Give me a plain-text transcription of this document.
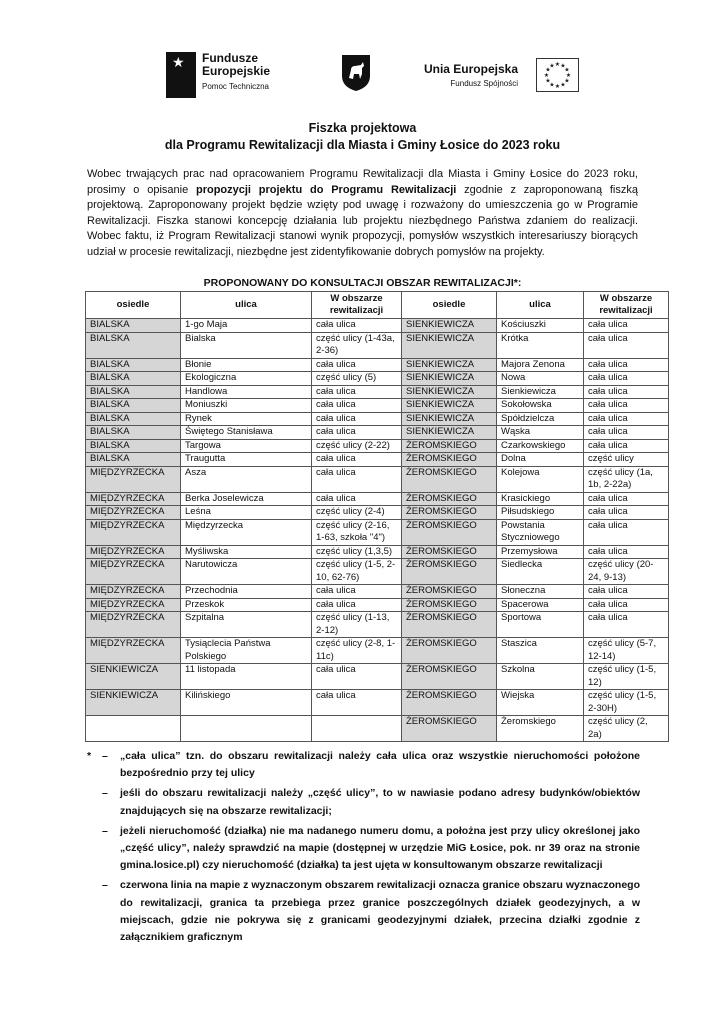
★ Fundusze
Europejskie
Pomoc Techniczna
Unia Europejska
Fundusz Spójności
★ ★
★
★
★
★
★
★
★
★
★
★
Fiszka projektowa
dla Programu Rewitalizacji dla Miasta i Gminy Łosice do 2023 roku
Wobec trwających prac nad opracowaniem Programu Rewitalizacji dla Miasta i Gminy Łosice do 2023 roku, prosimy o opisanie propozycji projektu do Programu Rewitalizacji zgodnie z zaproponowaną fiszką projektową. Zaproponowany projekt będzie wzięty pod uwagę i rozważony do umieszczenia go w Programie Rewitalizacji. Fiszka stanowi koncepcję działania lub projektu niezbędnego Państwa zdaniem do realizacji. Wobec faktu, iż Program Rewitalizacji stanowi wynik propozycji, pomysłów wszystkich interesariuszy biorących udział w procesie rewitalizacji, niezbędne jest zidentyfikowanie dobrych pomysłów na projekty.
PROPONOWANY DO KONSULTACJI OBSZAR REWITALIZACJI*:
osiedle	ulica	W obszarze rewitalizacji	osiedle	ulica	W obszarze rewitalizacji
BIALSKA	1-go Maja	cała ulica	SIENKIEWICZA	Kościuszki	cała ulica
BIALSKA	Bialska	część ulicy (1-43a, 2-36)	SIENKIEWICZA	Krótka	cała ulica
BIALSKA	Błonie	cała ulica	SIENKIEWICZA	Majora Zenona	cała ulica
BIALSKA	Ekologiczna	część ulicy (5)	SIENKIEWICZA	Nowa	cała ulica
BIALSKA	Handlowa	cała ulica	SIENKIEWICZA	Sienkiewicza	cała ulica
BIALSKA	Moniuszki	cała ulica	SIENKIEWICZA	Sokołowska	cała ulica
BIALSKA	Rynek	cała ulica	SIENKIEWICZA	Spółdzielcza	cała ulica
BIALSKA	Świętego Stanisława	cała ulica	SIENKIEWICZA	Wąska	cała ulica
BIALSKA	Targowa	część ulicy (2-22)	ŻEROMSKIEGO	Czarkowskiego	cała ulica
BIALSKA	Traugutta	cała ulica	ŻEROMSKIEGO	Dolna	część ulicy
MIĘDZYRZECKA	Asza	cała ulica	ŻEROMSKIEGO	Kolejowa	część ulicy (1a, 1b, 2-22a)
MIĘDZYRZECKA	Berka Joselewicza	cała ulica	ŻEROMSKIEGO	Krasickiego	cała ulica
MIĘDZYRZECKA	Leśna	część ulicy (2-4)	ŻEROMSKIEGO	Piłsudskiego	cała ulica
MIĘDZYRZECKA	Międzyrzecka	część ulicy (2-16, 1-63, szkoła "4")	ŻEROMSKIEGO	Powstania Styczniowego	cała ulica
MIĘDZYRZECKA	Myśliwska	część ulicy (1,3,5)	ŻEROMSKIEGO	Przemysłowa	cała ulica
MIĘDZYRZECKA	Narutowicza	część ulicy (1-5, 2-10, 62-76)	ŻEROMSKIEGO	Siedlecka	część ulicy (20-24, 9-13)
MIĘDZYRZECKA	Przechodnia	cała ulica	ŻEROMSKIEGO	Słoneczna	cała ulica
MIĘDZYRZECKA	Przeskok	cała ulica	ŻEROMSKIEGO	Spacerowa	cała ulica
MIĘDZYRZECKA	Szpitalna	część ulicy (1-13, 2-12)	ŻEROMSKIEGO	Sportowa	cała ulica
MIĘDZYRZECKA	Tysiąclecia Państwa Polskiego	część ulicy (2-8, 1-11c)	ŻEROMSKIEGO	Staszica	część ulicy (5-7, 12-14)
SIENKIEWICZA	11 listopada	cała ulica	ŻEROMSKIEGO	Szkolna	część ulicy (1-5, 12)
SIENKIEWICZA	Kilińskiego	cała ulica	ŻEROMSKIEGO	Wiejska	część ulicy (1-5, 2-30H)
			ŻEROMSKIEGO	Żeromskiego	część ulicy (2, 2a)
* – „cała ulica” tzn. do obszaru rewitalizacji należy cała ulica oraz wszystkie nieruchomości położone bezpośrednio przy tej ulicy
– jeśli do obszaru rewitalizacji należy „część ulicy”, to w nawiasie podano adresy budynków/obiektów znajdujących się na obszarze rewitalizacji;
– jeżeli nieruchomość (działka) nie ma nadanego numeru domu, a położna jest przy ulicy określonej jako „część ulicy”, należy sprawdzić na mapie (dostępnej w urzędzie MiG Łosice, pok. nr 39 oraz na stronie gmina.losice.pl) czy nieruchomość (działka) ta jest ujęta w konsultowanym obszarze rewitalizacji
– czerwona linia na mapie z wyznaczonym obszarem rewitalizacji oznacza granice obszaru wyznaczonego do rewitalizacji, granica ta przebiega przez granice poszczególnych działek geodezyjnych, a w miejscach, gdzie nie pokrywa się z granicami geodezyjnymi działek, przecina działki zgodnie z załącznikiem graficznym
